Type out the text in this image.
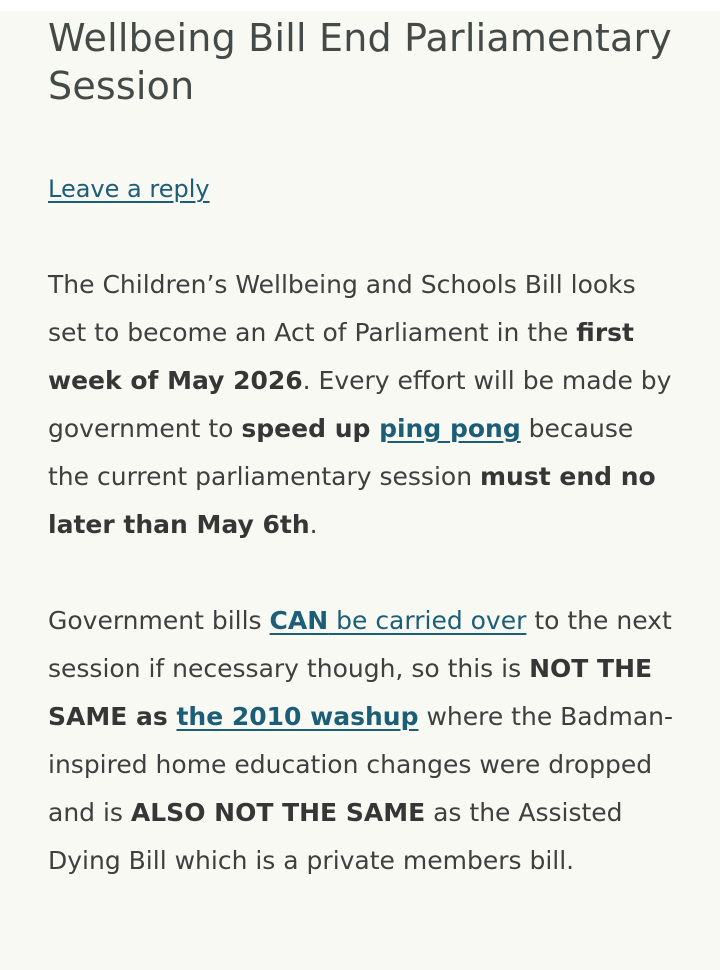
Wellbeing Bill End Parliamentary Session
Leave a reply

The Children’s Wellbeing and Schools Bill looks set to become an Act of Parliament in the first week of May 2026. Every effort will be made by government to speed up ping pong because the current parliamentary session must end no later than May 6th.

Government bills CAN be carried over to the next session if necessary though, so this is NOT THE SAME as the 2010 washup where the Badman-inspired home education changes were dropped and is ALSO NOT THE SAME as the Assisted Dying Bill which is a private members bill.
